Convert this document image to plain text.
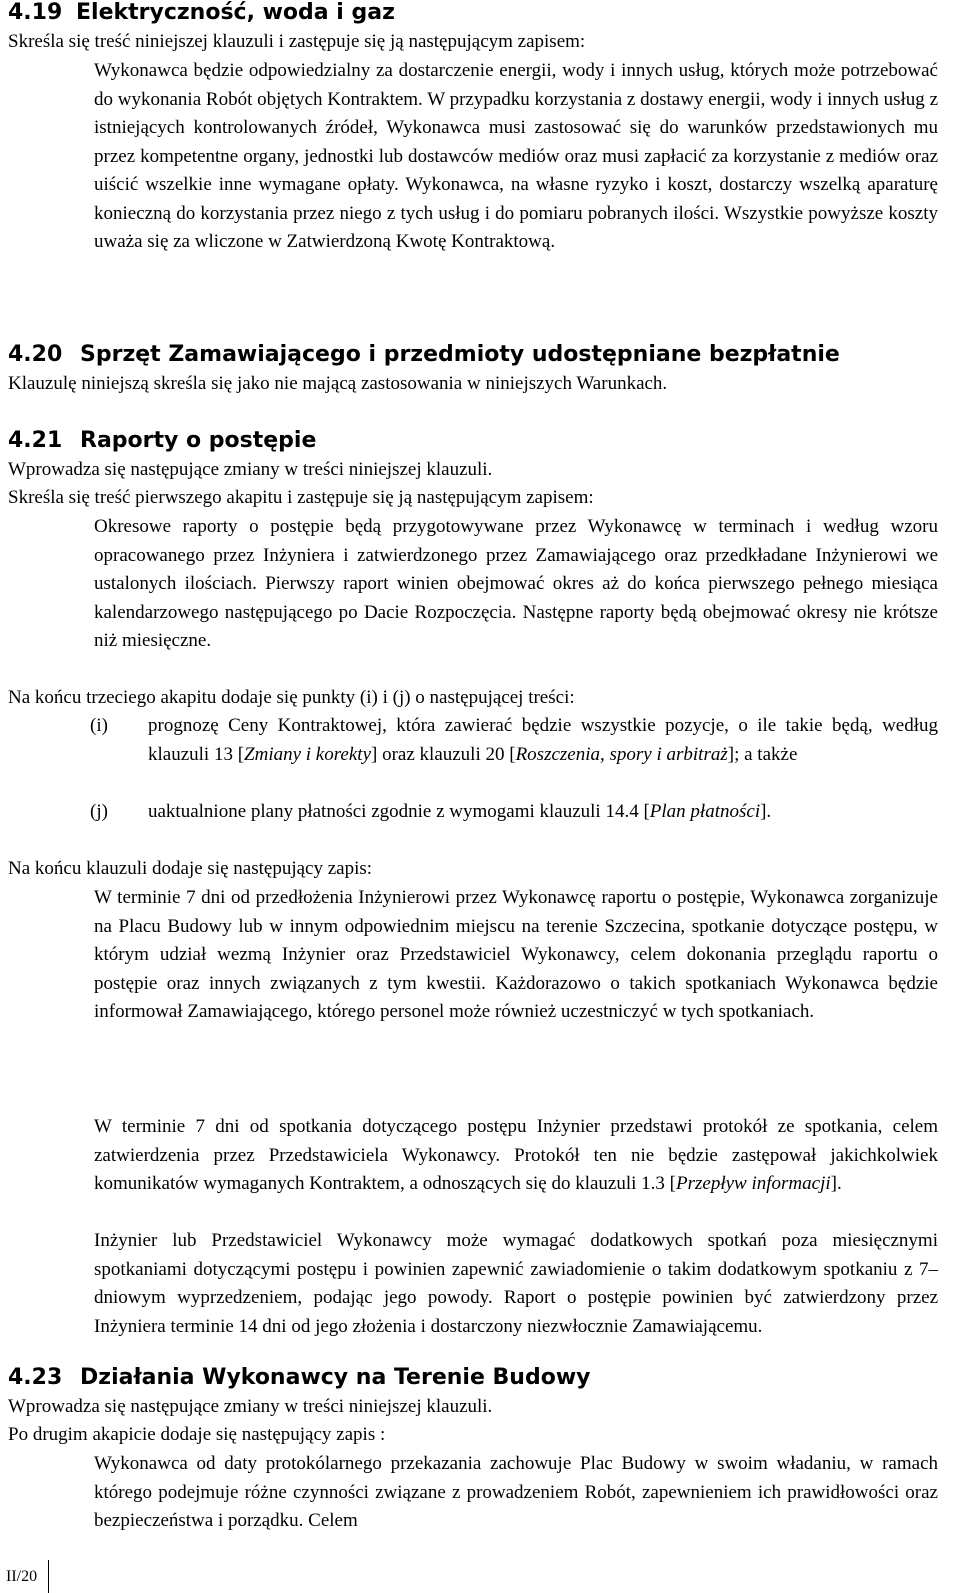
4.19 Elektryczność, woda i gaz
Skreśla się treść niniejszej klauzuli i zastępuje się ją następującym zapisem:
Wykonawca będzie odpowiedzialny za dostarczenie energii, wody i innych usług, których może potrzebować do wykonania Robót objętych Kontraktem. W przypadku korzystania z dostawy energii, wody i innych usług z istniejących kontrolowanych źródeł, Wykonawca musi zastosować się do warunków przedstawionych mu przez kompetentne organy, jednostki lub dostawców mediów oraz musi zapłacić za korzystanie z mediów oraz uiścić wszelkie inne wymagane opłaty. Wykonawca, na własne ryzyko i koszt, dostarczy wszelką aparaturę konieczną do korzystania przez niego z tych usług i do pomiaru pobranych ilości. Wszystkie powyższe koszty uważa się za wliczone w Zatwierdzoną Kwotę Kontraktową.
4.20 Sprzęt Zamawiającego i przedmioty udostępniane bezpłatnie
Klauzulę niniejszą skreśla się jako nie mającą zastosowania w niniejszych Warunkach.
4.21 Raporty o postępie
Wprowadza się następujące zmiany w treści niniejszej klauzuli.
Skreśla się treść pierwszego akapitu i zastępuje się ją następującym zapisem:
Okresowe raporty o postępie będą przygotowywane przez Wykonawcę w terminach i według wzoru opracowanego przez Inżyniera i zatwierdzonego przez Zamawiającego oraz przedkładane Inżynierowi we ustalonych ilościach. Pierwszy raport winien obejmować okres aż do końca pierwszego pełnego miesiąca kalendarzowego następującego po Dacie Rozpoczęcia. Następne raporty będą obejmować okresy nie krótsze niż miesięczne.
Na końcu trzeciego akapitu dodaje się punkty (i) i (j) o następującej treści:
(i) prognozę Ceny Kontraktowej, która zawierać będzie wszystkie pozycje, o ile takie będą, według klauzuli 13 [Zmiany i korekty] oraz klauzuli 20 [Roszczenia, spory i arbitraż]; a także
(j) uaktualnione plany płatności zgodnie z wymogami klauzuli 14.4 [Plan płatności].
Na końcu klauzuli dodaje się następujący zapis:
W terminie 7 dni od przedłożenia Inżynierowi przez Wykonawcę raportu o postępie, Wykonawca zorganizuje na Placu Budowy lub w innym odpowiednim miejscu na terenie Szczecina, spotkanie dotyczące postępu, w którym udział wezmą Inżynier oraz Przedstawiciel Wykonawcy, celem dokonania przeglądu raportu o postępie oraz innych związanych z tym kwestii. Każdorazowo o takich spotkaniach Wykonawca będzie informował Zamawiającego, którego personel może również uczestniczyć w tych spotkaniach.
W terminie 7 dni od spotkania dotyczącego postępu Inżynier przedstawi protokół ze spotkania, celem zatwierdzenia przez Przedstawiciela Wykonawcy. Protokół ten nie będzie zastępował jakichkolwiek komunikatów wymaganych Kontraktem, a odnoszących się do klauzuli 1.3 [Przepływ informacji].
Inżynier lub Przedstawiciel Wykonawcy może wymagać dodatkowych spotkań poza miesięcznymi spotkaniami dotyczącymi postępu i powinien zapewnić zawiadomienie o takim dodatkowym spotkaniu z 7–dniowym wyprzedzeniem, podając jego powody. Raport o postępie powinien być zatwierdzony przez Inżyniera terminie 14 dni od jego złożenia i dostarczony niezwłocznie Zamawiającemu.
4.23 Działania Wykonawcy na Terenie Budowy
Wprowadza się następujące zmiany w treści niniejszej klauzuli.
Po drugim akapicie dodaje się następujący zapis :
Wykonawca od daty protokólarnego przekazania zachowuje Plac Budowy w swoim władaniu, w ramach którego podejmuje różne czynności związane z prowadzeniem Robót, zapewnieniem ich prawidłowości oraz bezpieczeństwa i porządku. Celem
II/20
